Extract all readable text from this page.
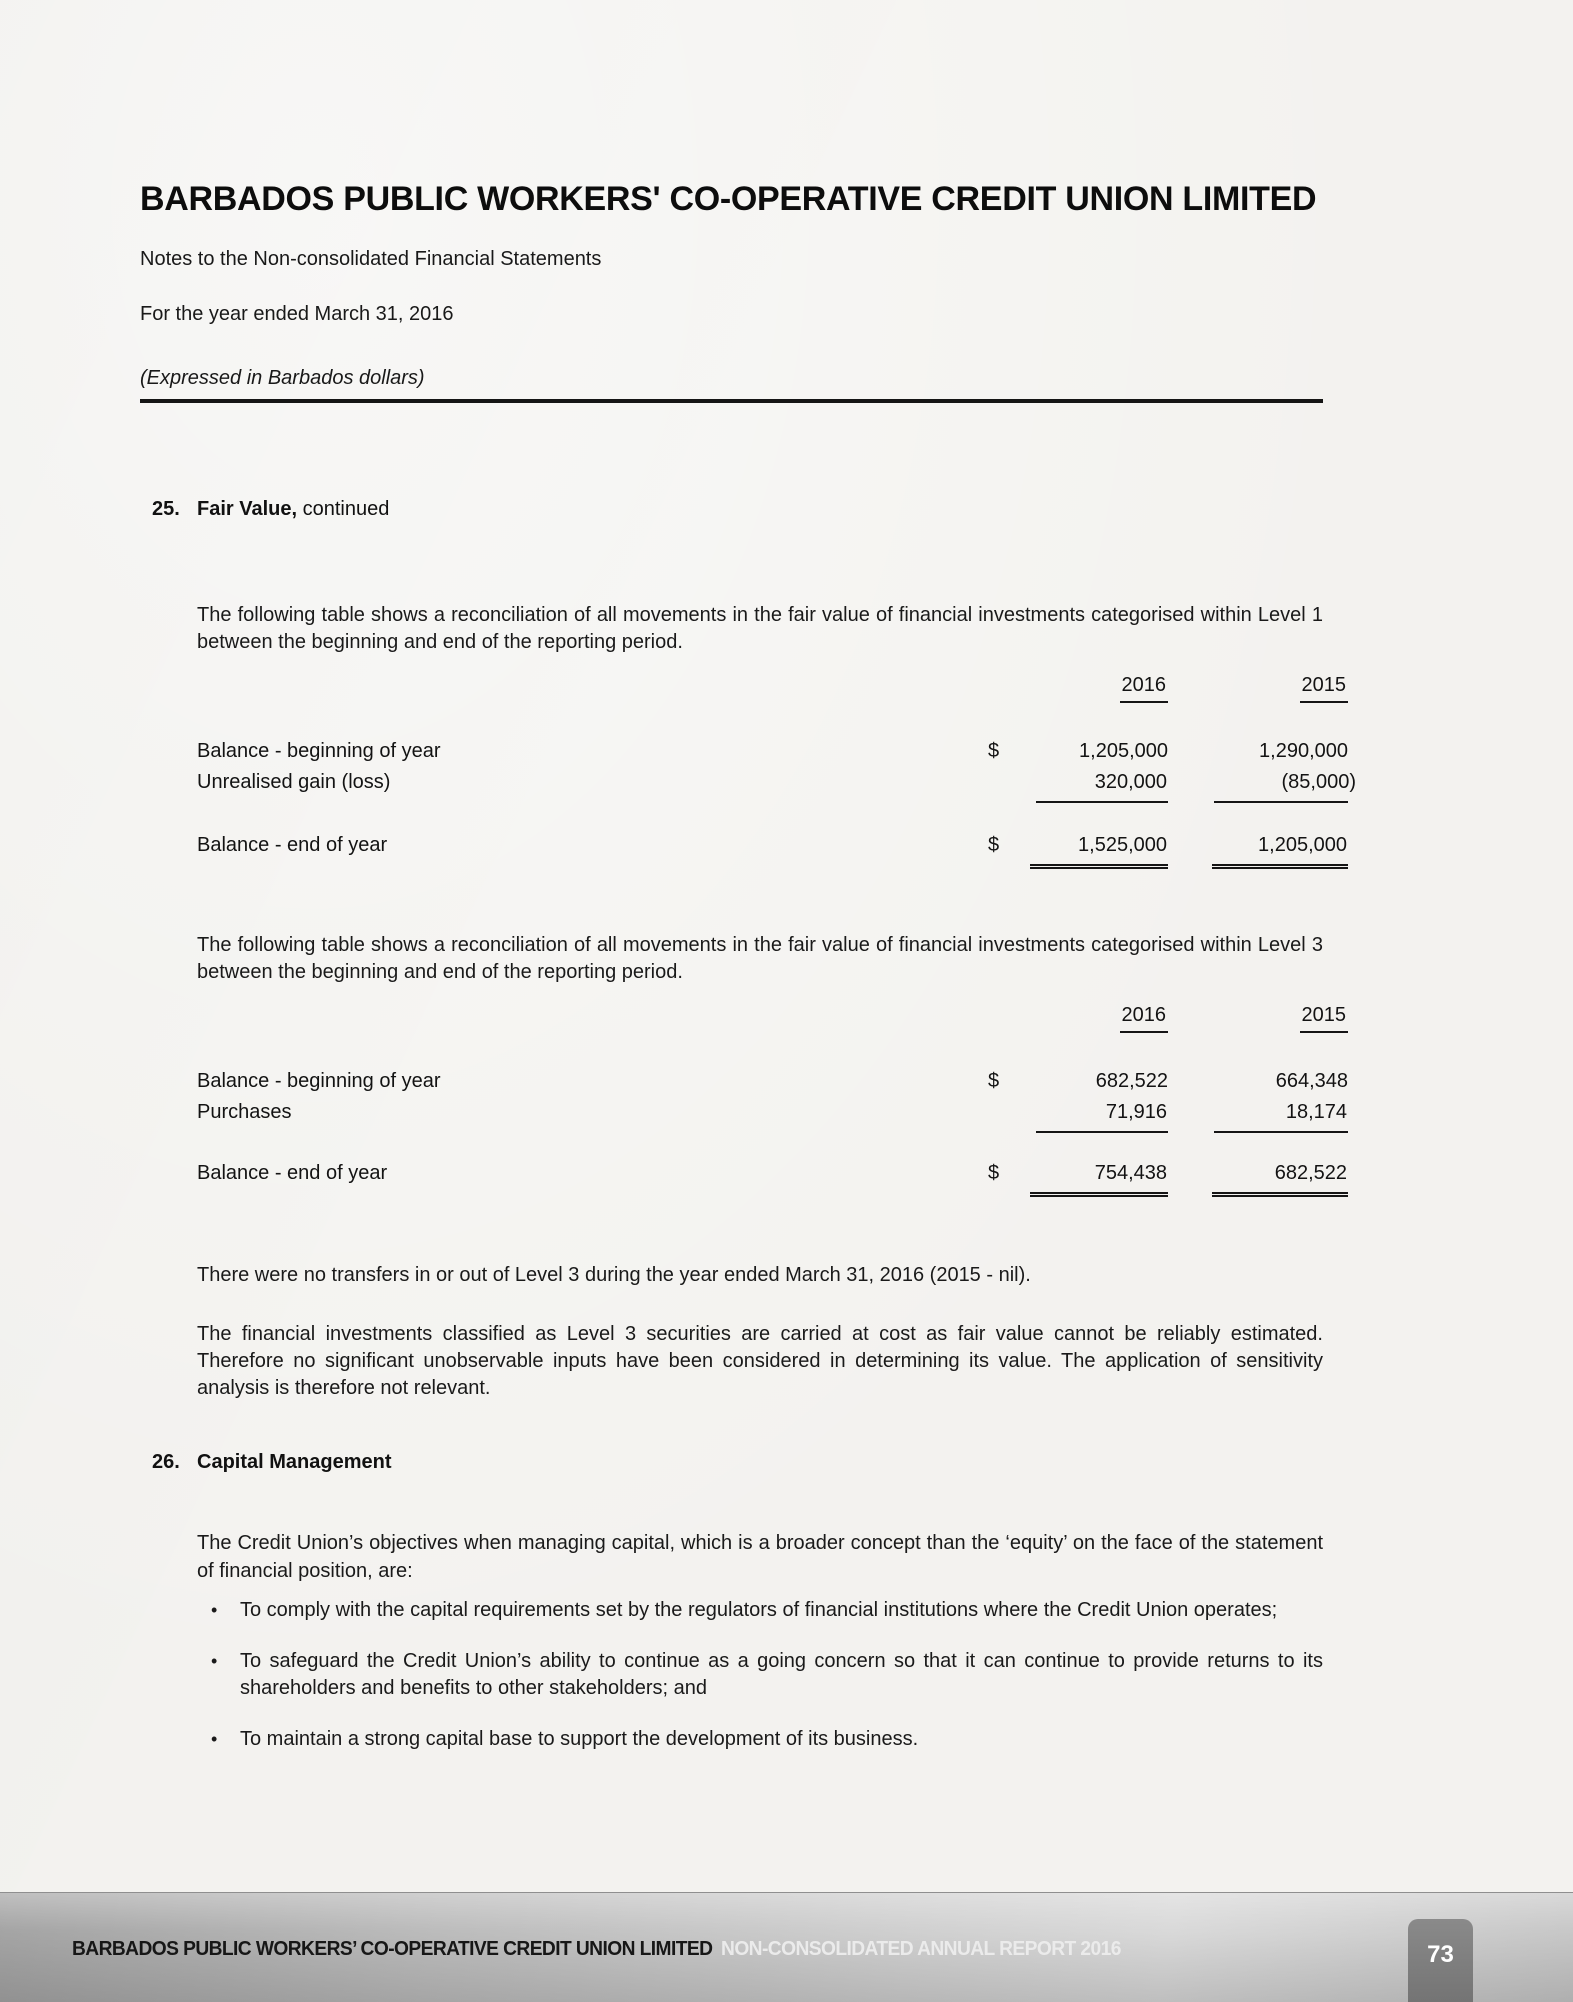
BARBADOS PUBLIC WORKERS' CO-OPERATIVE CREDIT UNION LIMITED

Notes to the Non-consolidated Financial Statements

For the year ended March 31, 2016

(Expressed in Barbados dollars)

25. Fair Value, continued

The following table shows a reconciliation of all movements in the fair value of financial investments categorised within Level 1 between the beginning and end of the reporting period.

2016	2015
Balance - beginning of year	$	1,205,000	1,290,000
Unrealised gain (loss)	320,000	(85,000)
Balance - end of year	$	1,525,000	1,205,000

The following table shows a reconciliation of all movements in the fair value of financial investments categorised within Level 3 between the beginning and end of the reporting period.

2016	2015
Balance - beginning of year	$	682,522	664,348
Purchases	71,916	18,174
Balance - end of year	$	754,438	682,522

There were no transfers in or out of Level 3 during the year ended March 31, 2016 (2015 - nil).

The financial investments classified as Level 3 securities are carried at cost as fair value cannot be reliably estimated. Therefore no significant unobservable inputs have been considered in determining its value. The application of sensitivity analysis is therefore not relevant.

26. Capital Management

The Credit Union’s objectives when managing capital, which is a broader concept than the ‘equity’ on the face of the statement of financial position, are:

• To comply with the capital requirements set by the regulators of financial institutions where the Credit Union operates;
• To safeguard the Credit Union’s ability to continue as a going concern so that it can continue to provide returns to its shareholders and benefits to other stakeholders; and
• To maintain a strong capital base to support the development of its business.
BARBADOS PUBLIC WORKERS’ CO-OPERATIVE CREDIT UNION LIMITED NON-CONSOLIDATED ANNUAL REPORT 2016	73
